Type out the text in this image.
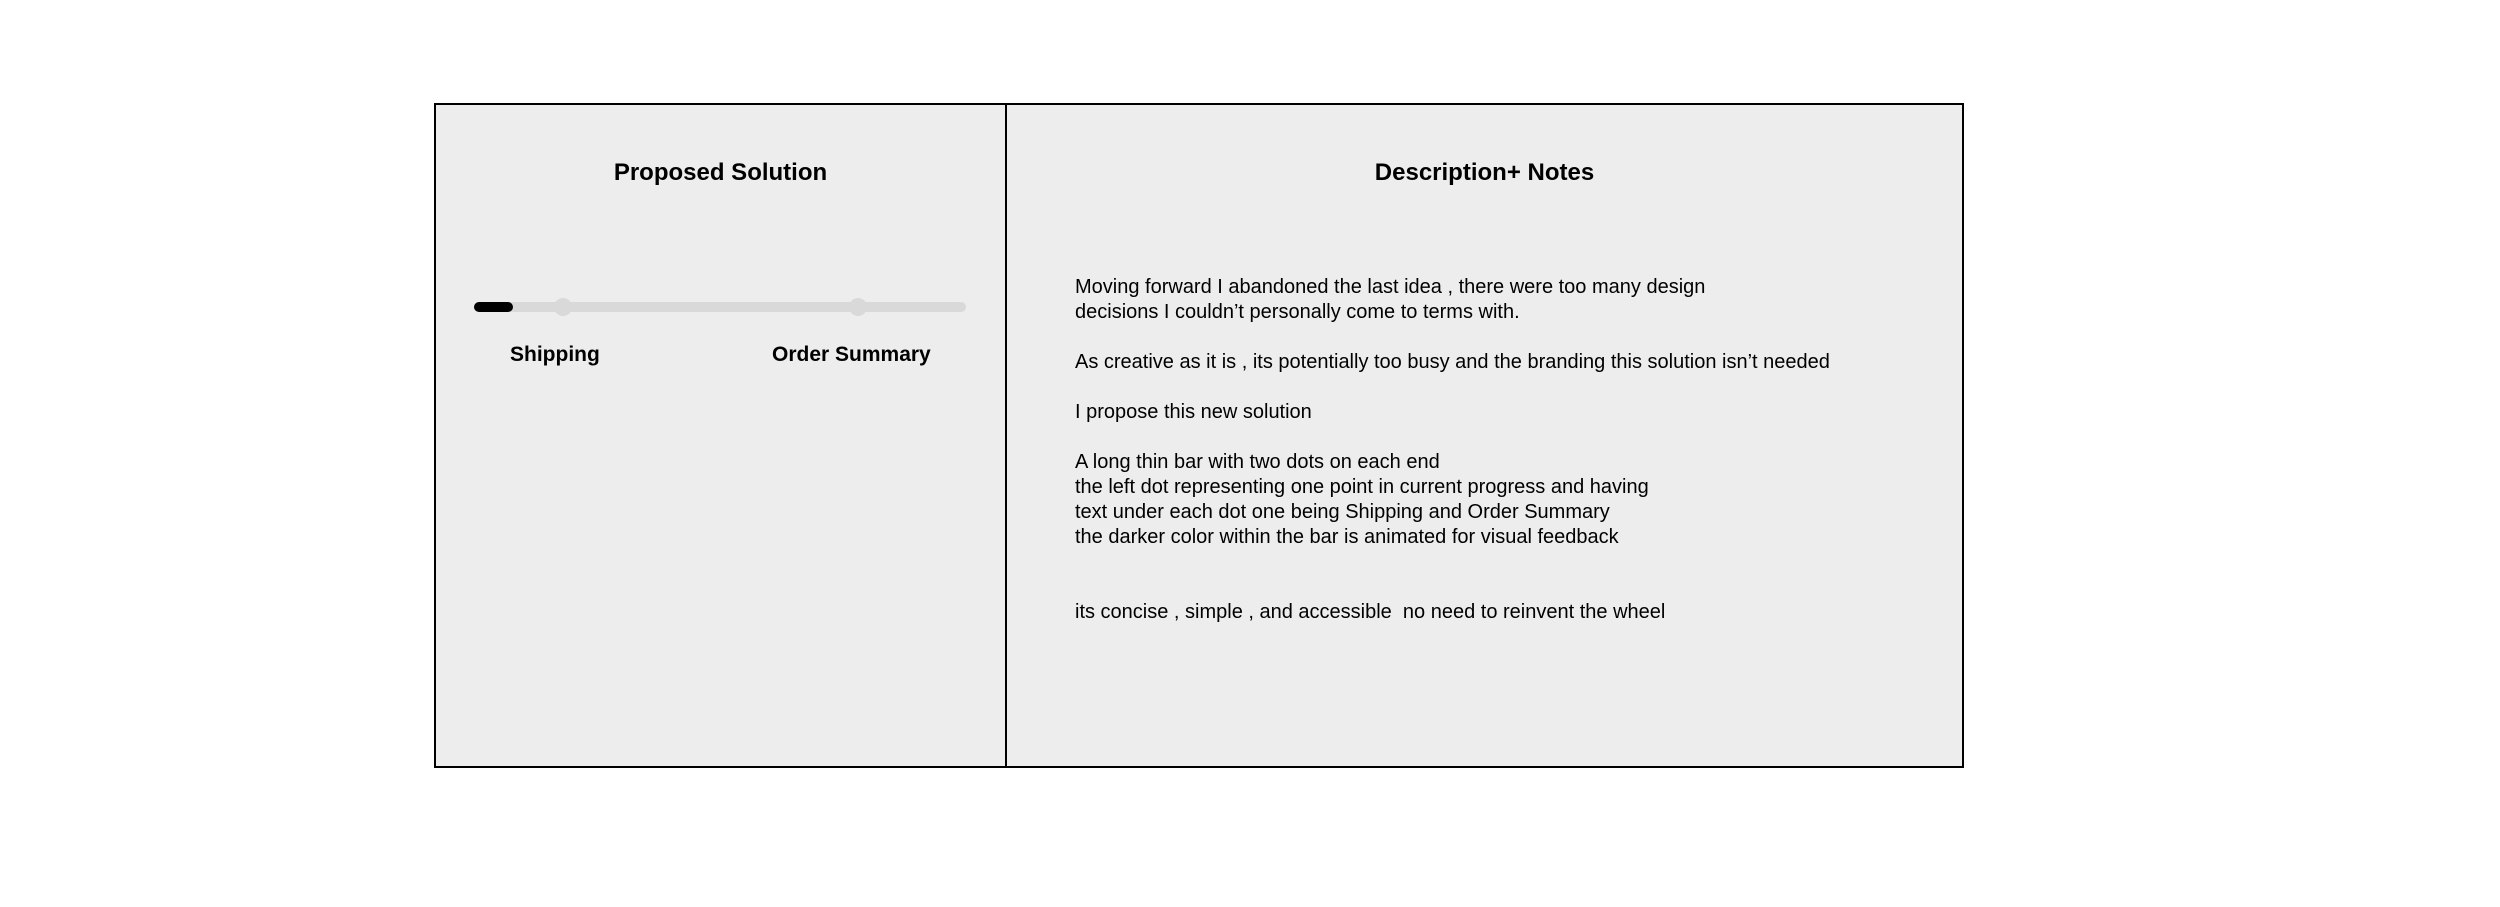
Proposed Solution
Shipping	Order Summary
Description+ Notes
Moving forward I abandoned the last idea , there were too many design
decisions I couldn’t personally come to terms with.
As creative as it is , its potentially too busy and the branding this solution isn’t needed
I propose this new solution
A long thin bar with two dots on each end
the left dot representing one point in current progress and having
text under each dot one being Shipping and Order Summary
the darker color within the bar is animated for visual feedback
its concise , simple , and accessible  no need to reinvent the wheel
